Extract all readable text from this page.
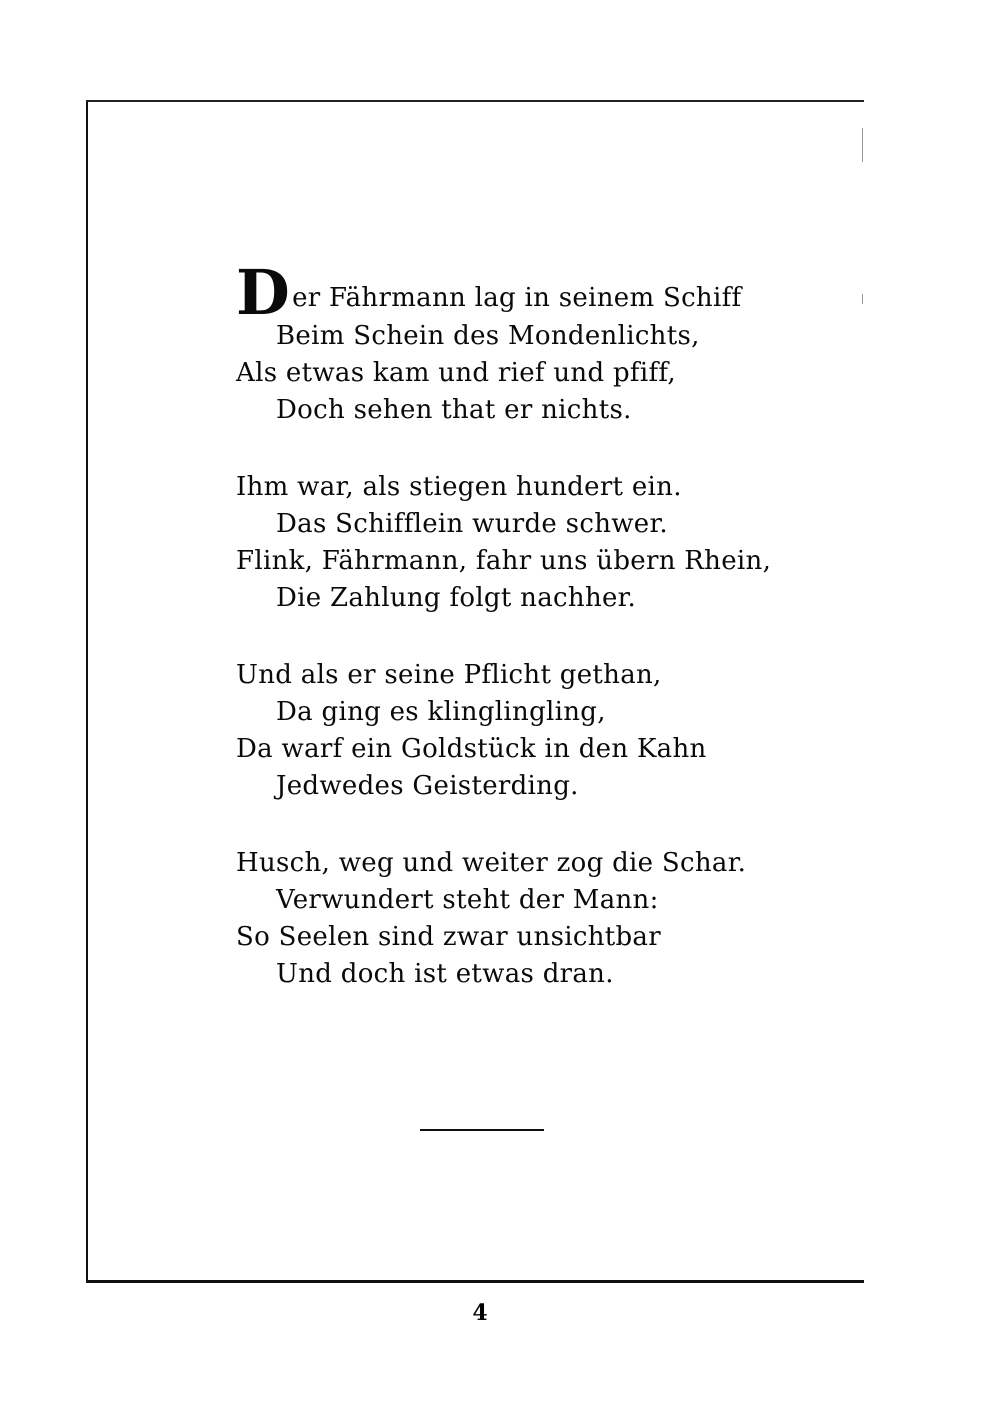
Der Fährmann lag in seinem Schiff
Beim Schein des Mondenlichts,
Als etwas kam und rief und pfiff,
Doch sehen that er nichts.
Ihm war, als stiegen hundert ein.
Das Schifflein wurde schwer.
Flink, Fährmann, fahr uns übern Rhein,
Die Zahlung folgt nachher.
Und als er seine Pflicht gethan,
Da ging es klinglingling,
Da warf ein Goldstück in den Kahn
Jedwedes Geisterding.
Husch, weg und weiter zog die Schar.
Verwundert steht der Mann:
So Seelen sind zwar unsichtbar
Und doch ist etwas dran.
4
